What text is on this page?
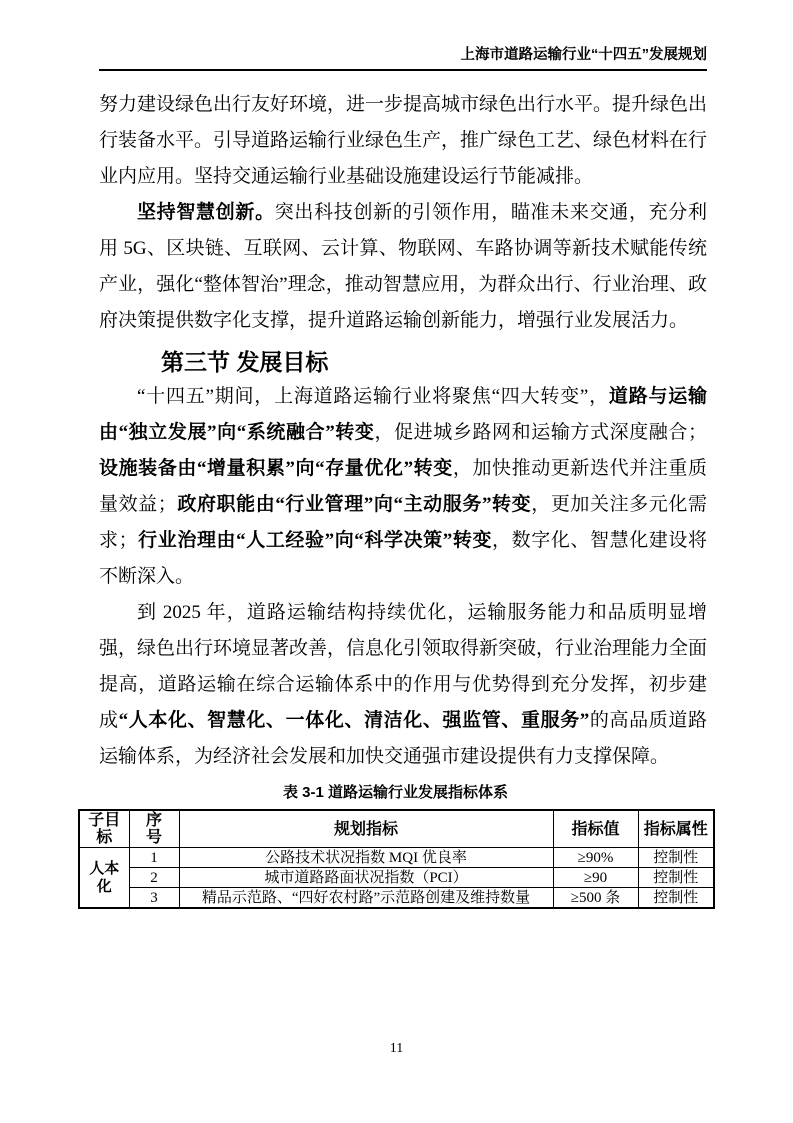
上海市道路运输行业“十四五”发展规划

努力建设绿色出行友好环境，进一步提高城市绿色出行水平。提升绿色出行装备水平。引导道路运输行业绿色生产，推广绿色工艺、绿色材料在行业内应用。坚持交通运输行业基础设施建设运行节能减排。

坚持智慧创新。突出科技创新的引领作用，瞄准未来交通，充分利用 5G、区块链、互联网、云计算、物联网、车路协调等新技术赋能传统产业，强化“整体智治”理念，推动智慧应用，为群众出行、行业治理、政府决策提供数字化支撑，提升道路运输创新能力，增强行业发展活力。

第三节 发展目标

“十四五”期间，上海道路运输行业将聚焦“四大转变”，道路与运输由“独立发展”向“系统融合”转变，促进城乡路网和运输方式深度融合；设施装备由“增量积累”向“存量优化”转变，加快推动更新迭代并注重质量效益；政府职能由“行业管理”向“主动服务”转变，更加关注多元化需求；行业治理由“人工经验”向“科学决策”转变，数字化、智慧化建设将不断深入。

到 2025 年，道路运输结构持续优化，运输服务能力和品质明显增强，绿色出行环境显著改善，信息化引领取得新突破，行业治理能力全面提高，道路运输在综合运输体系中的作用与优势得到充分发挥，初步建成“人本化、智慧化、一体化、清洁化、强监管、重服务”的高品质道路运输体系，为经济社会发展和加快交通强市建设提供有力支撑保障。

表 3-1 道路运输行业发展指标体系
子目标	序号	规划指标	指标值	指标属性
人本化	1	公路技术状况指数 MQI 优良率	≥90%	控制性
	2	城市道路路面状况指数（PCI）	≥90	控制性
	3	精品示范路、“四好农村路”示范路创建及维持数量	≥500 条	控制性
11
